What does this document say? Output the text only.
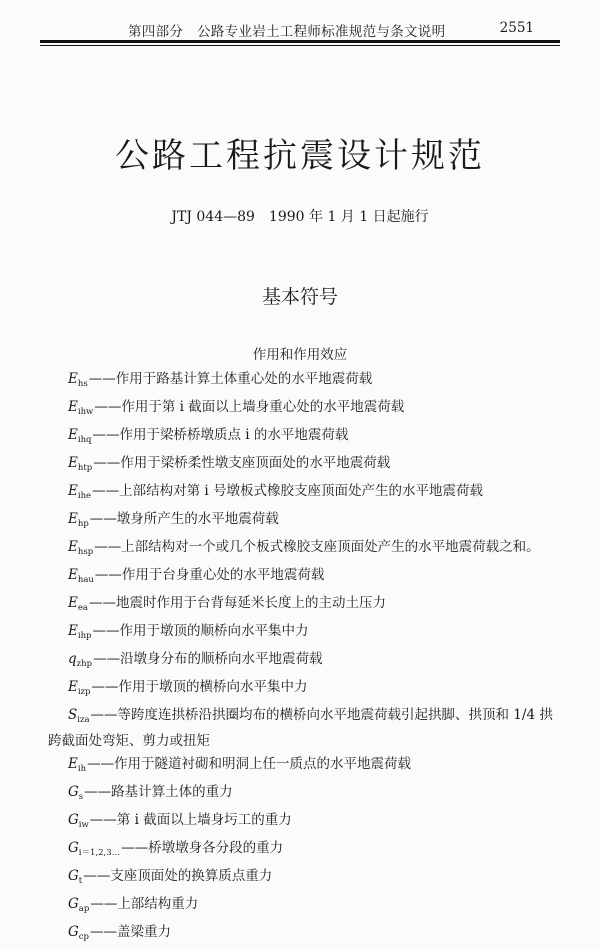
第四部分　公路专业岩土工程师标准规范与条文说明	2551
公路工程抗震设计规范
JTJ 044—89　1990 年 1 月 1 日起施行
基本符号
作用和作用效应
$E_{hs}——$作用于路基计算土体重心处的水平地震荷载
$E_{ihw}——$作用于第 i 截面以上墙身重心处的水平地震荷载
$E_{ihq}——$作用于梁桥桥墩质点 i 的水平地震荷载
$E_{htp}——$作用于梁桥柔性墩支座顶面处的水平地震荷载
$E_{ihe}——$上部结构对第 i 号墩板式橡胶支座顶面处产生的水平地震荷载
$E_{hp}——$墩身所产生的水平地震荷载
$E_{hsp}——$上部结构对一个或几个板式橡胶支座顶面处产生的水平地震荷载之和。
$E_{hau}——$作用于台身重心处的水平地震荷载
$E_{ea}——$地震时作用于台背每延米长度上的主动土压力
$E_{ihp}——$作用于墩顶的顺桥向水平集中力
$q_{zhp}——$沿墩身分布的顺桥向水平地震荷载
$E_{izp}——$作用于墩顶的横桥向水平集中力
$S_{iza}——$等跨度连拱桥沿拱圈均布的横桥向水平地震荷载引起拱脚、拱顶和 1/4 拱跨截面处弯矩、剪力或扭矩
$E_{ih}——$作用于隧道衬砌和明洞上任一质点的水平地震荷载
$G_s——$路基计算土体的重力
$G_{iw}——$第 i 截面以上墙身圬工的重力
$G_{i=1,2,3\dots}——$桥墩墩身各分段的重力
$G_t——$支座顶面处的换算质点重力
$G_{ap}——$上部结构重力
$G_{cp}——$盖梁重力
